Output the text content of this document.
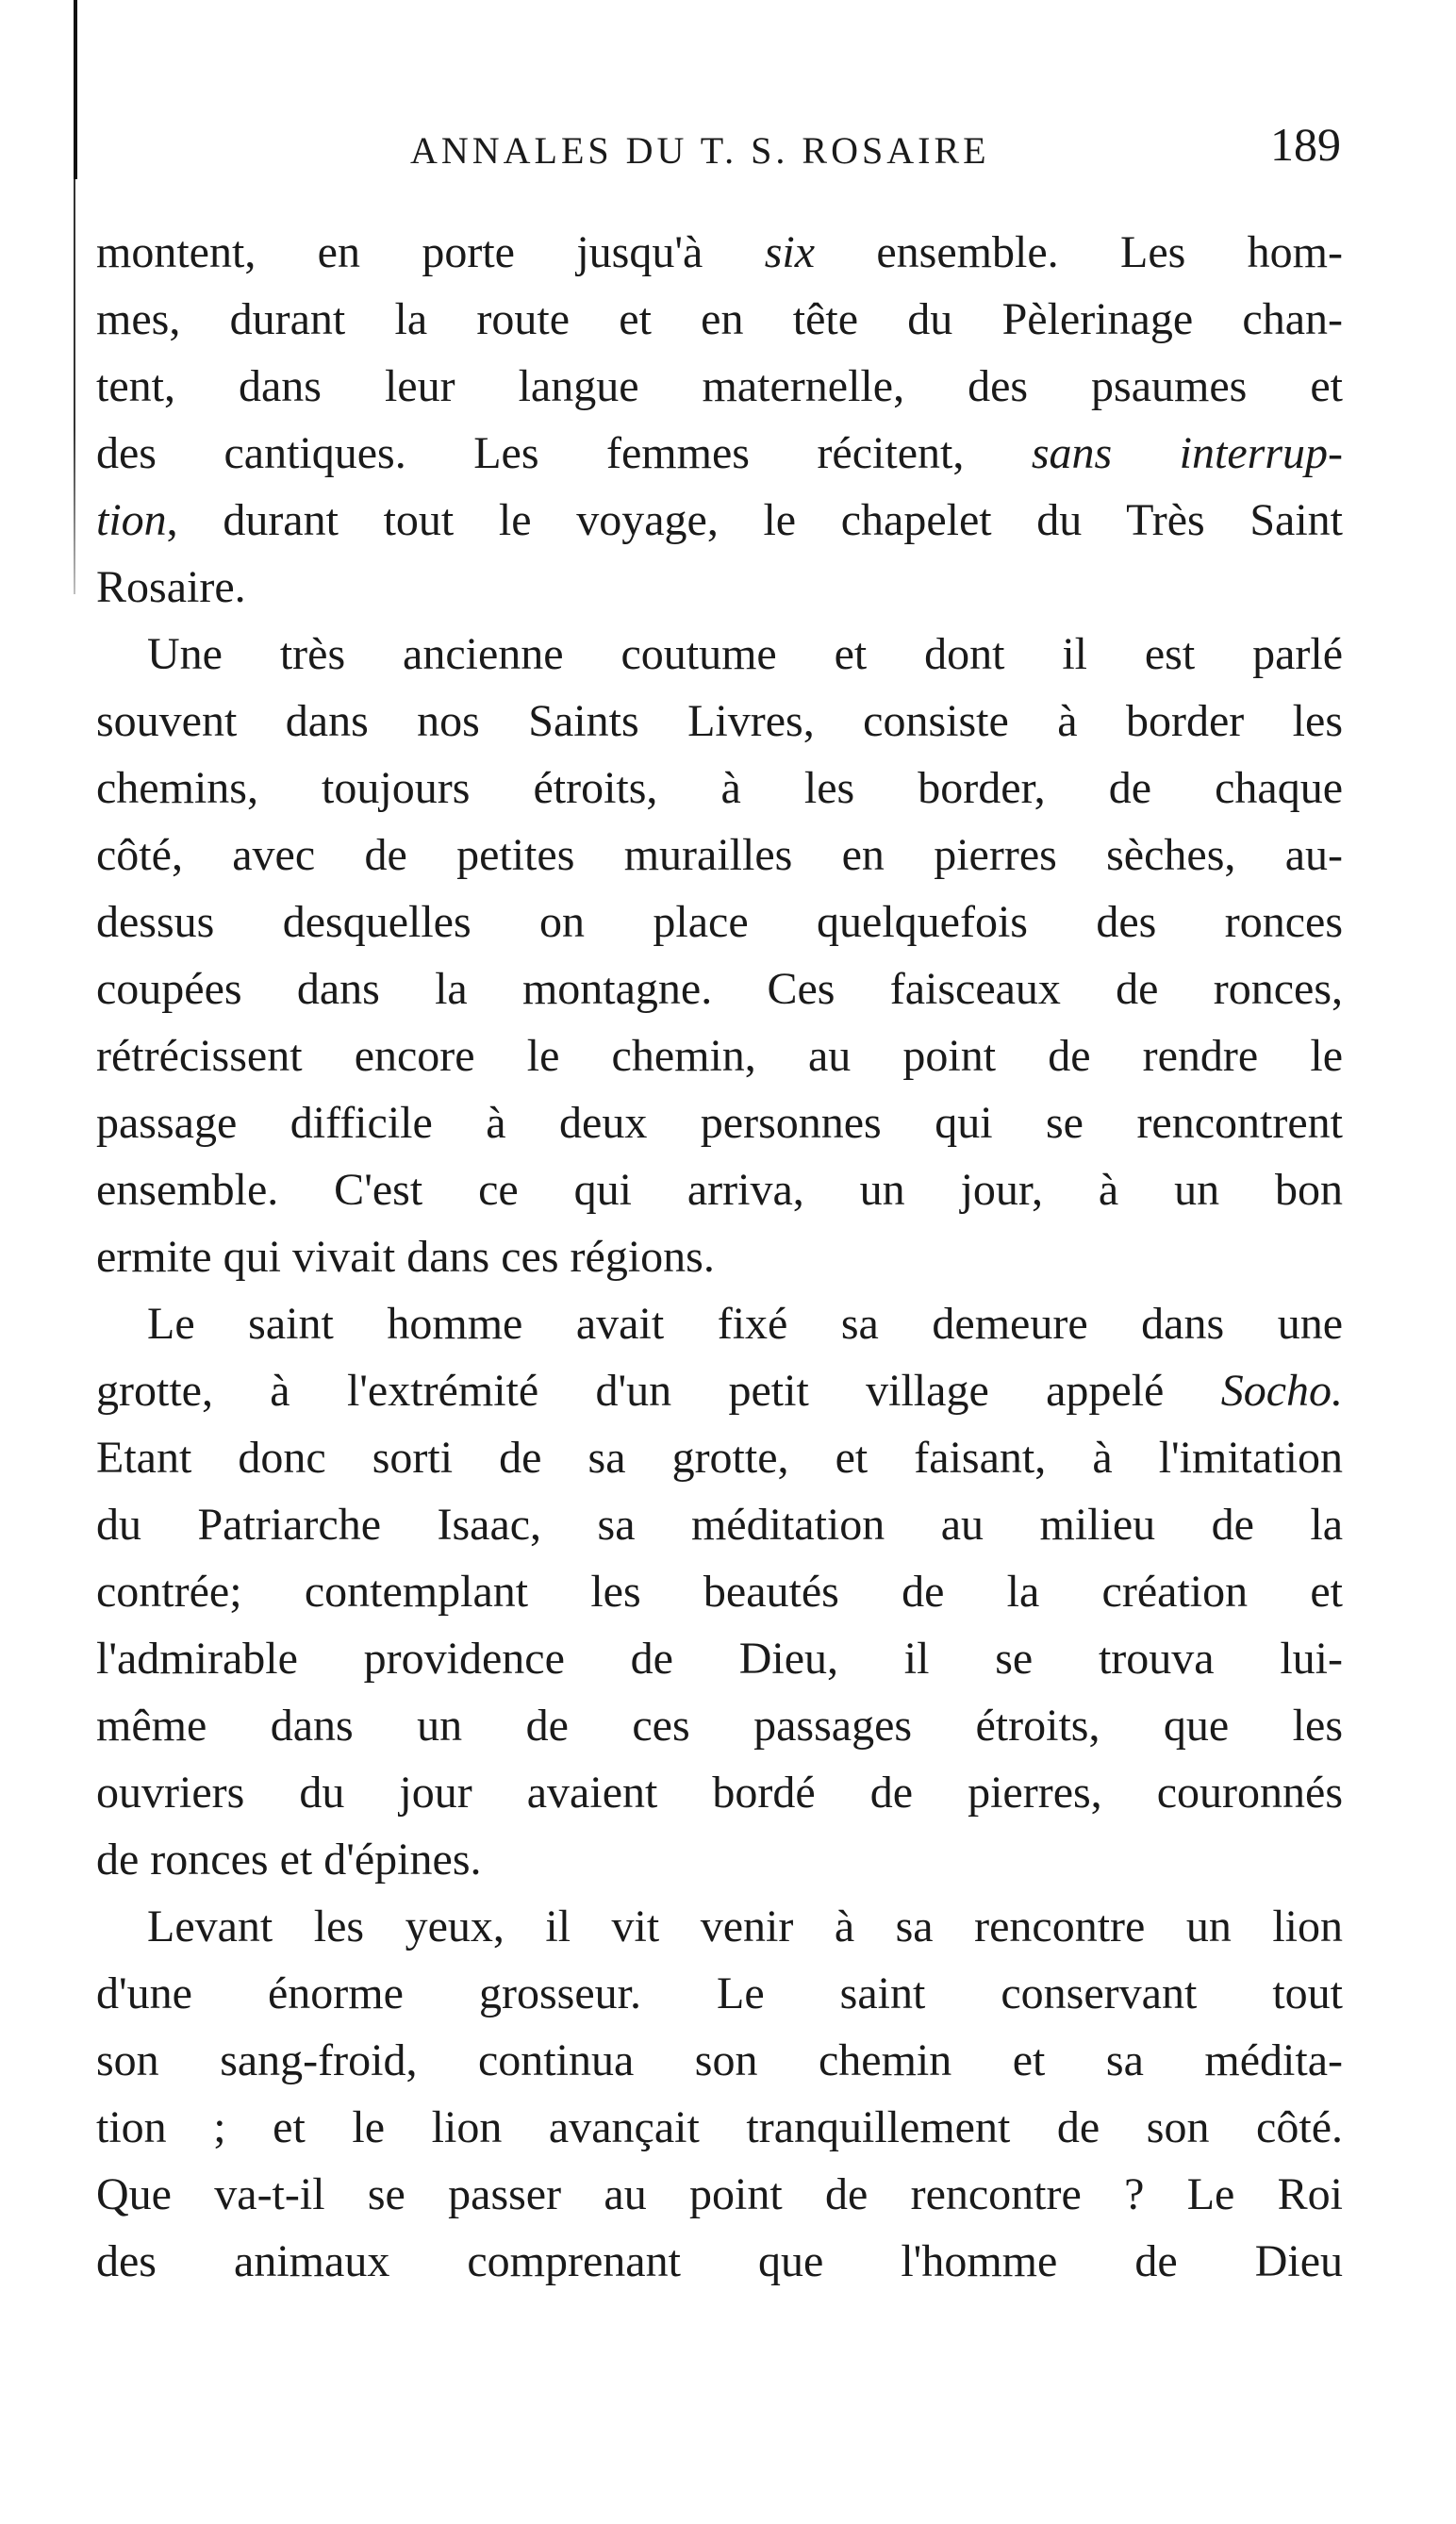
ANNALES DU T. S. ROSAIRE	189
montent, en porte jusqu'à six ensemble. Les hom-
mes, durant la route et en tête du Pèlerinage chan-
tent, dans leur langue maternelle, des psaumes et
des cantiques. Les femmes récitent, sans interrup-
tion, durant tout le voyage, le chapelet du Très Saint
Rosaire.
Une très ancienne coutume et dont il est parlé
souvent dans nos Saints Livres, consiste à border les
chemins, toujours étroits, à les border, de chaque
côté, avec de petites murailles en pierres sèches, au-
dessus desquelles on place quelquefois des ronces
coupées dans la montagne. Ces faisceaux de ronces,
rétrécissent encore le chemin, au point de rendre le
passage difficile à deux personnes qui se rencontrent
ensemble. C'est ce qui arriva, un jour, à un bon
ermite qui vivait dans ces régions.
Le saint homme avait fixé sa demeure dans une
grotte, à l'extrémité d'un petit village appelé Socho.
Etant donc sorti de sa grotte, et faisant, à l'imitation
du Patriarche Isaac, sa méditation au milieu de la
contrée; contemplant les beautés de la création et
l'admirable providence de Dieu, il se trouva lui-
même dans un de ces passages étroits, que les
ouvriers du jour avaient bordé de pierres, couronnés
de ronces et d'épines.
Levant les yeux, il vit venir à sa rencontre un lion
d'une énorme grosseur. Le saint conservant tout
son sang-froid, continua son chemin et sa médita-
tion ; et le lion avançait tranquillement de son côté.
Que va-t-il se passer au point de rencontre ? Le Roi
des animaux comprenant que l'homme de Dieu
